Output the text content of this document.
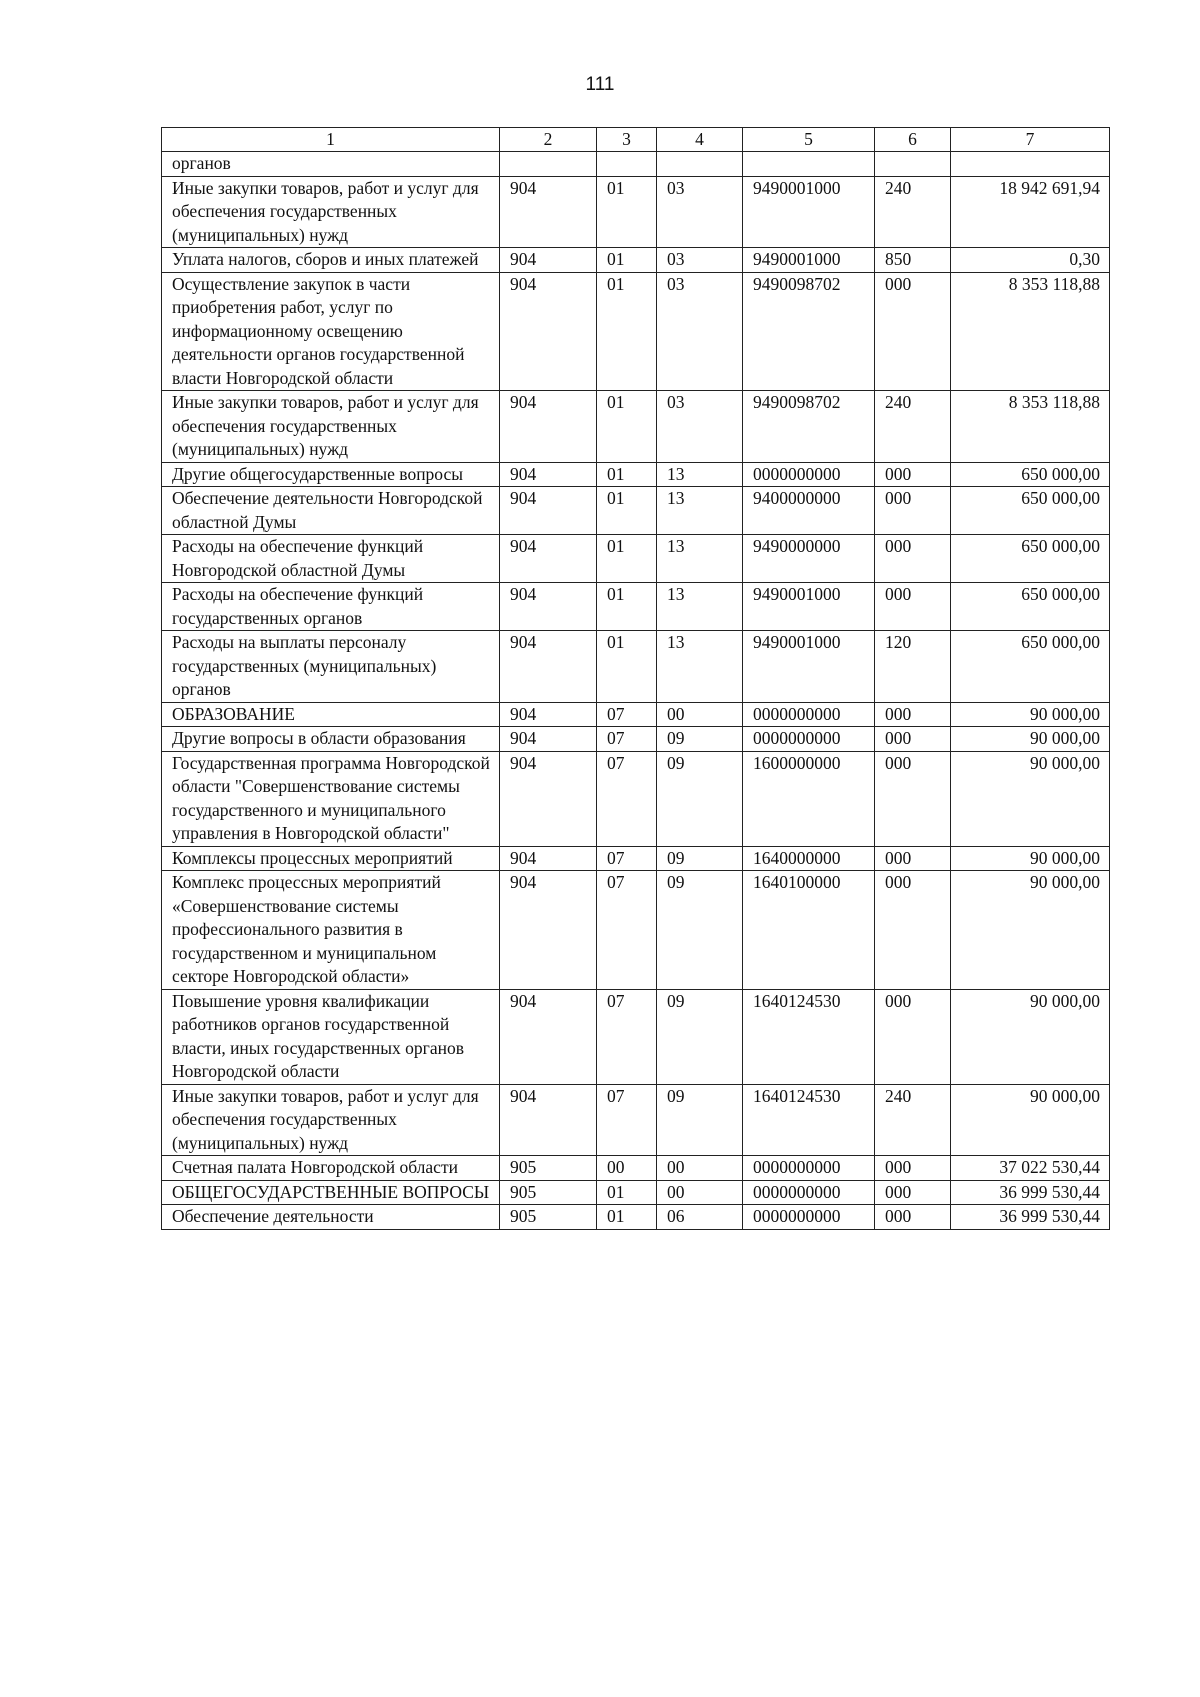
111
1	2	3	4	5	6	7
органов						
Иные закупки товаров, работ и услуг для обеспечения государственных (муниципальных) нужд	904	01	03	9490001000	240	18 942 691,94
Уплата налогов, сборов и иных платежей	904	01	03	9490001000	850	0,30
Осуществление закупок в части приобретения работ, услуг по информационному освещению деятельности органов государственной власти Новгородской области	904	01	03	9490098702	000	8 353 118,88
Иные закупки товаров, работ и услуг для обеспечения государственных (муниципальных) нужд	904	01	03	9490098702	240	8 353 118,88
Другие общегосударственные вопросы	904	01	13	0000000000	000	650 000,00
Обеспечение деятельности Новгородской областной Думы	904	01	13	9400000000	000	650 000,00
Расходы на обеспечение функций Новгородской областной Думы	904	01	13	9490000000	000	650 000,00
Расходы на обеспечение функций государственных органов	904	01	13	9490001000	000	650 000,00
Расходы на выплаты персоналу государственных (муниципальных) органов	904	01	13	9490001000	120	650 000,00
ОБРАЗОВАНИЕ	904	07	00	0000000000	000	90 000,00
Другие вопросы в области образования	904	07	09	0000000000	000	90 000,00
Государственная программа Новгородской области "Совершенствование системы государственного и муниципального управления в Новгородской области"	904	07	09	1600000000	000	90 000,00
Комплексы процессных мероприятий	904	07	09	1640000000	000	90 000,00
Комплекс процессных мероприятий «Совершенствование системы профессионального развития в государственном и муниципальном секторе Новгородской области»	904	07	09	1640100000	000	90 000,00
Повышение уровня квалификации работников органов государственной власти, иных государственных органов Новгородской области	904	07	09	1640124530	000	90 000,00
Иные закупки товаров, работ и услуг для обеспечения государственных (муниципальных) нужд	904	07	09	1640124530	240	90 000,00
Счетная палата Новгородской области	905	00	00	0000000000	000	37 022 530,44
ОБЩЕГОСУДАРСТВЕННЫЕ ВОПРОСЫ	905	01	00	0000000000	000	36 999 530,44
Обеспечение деятельности	905	01	06	0000000000	000	36 999 530,44
